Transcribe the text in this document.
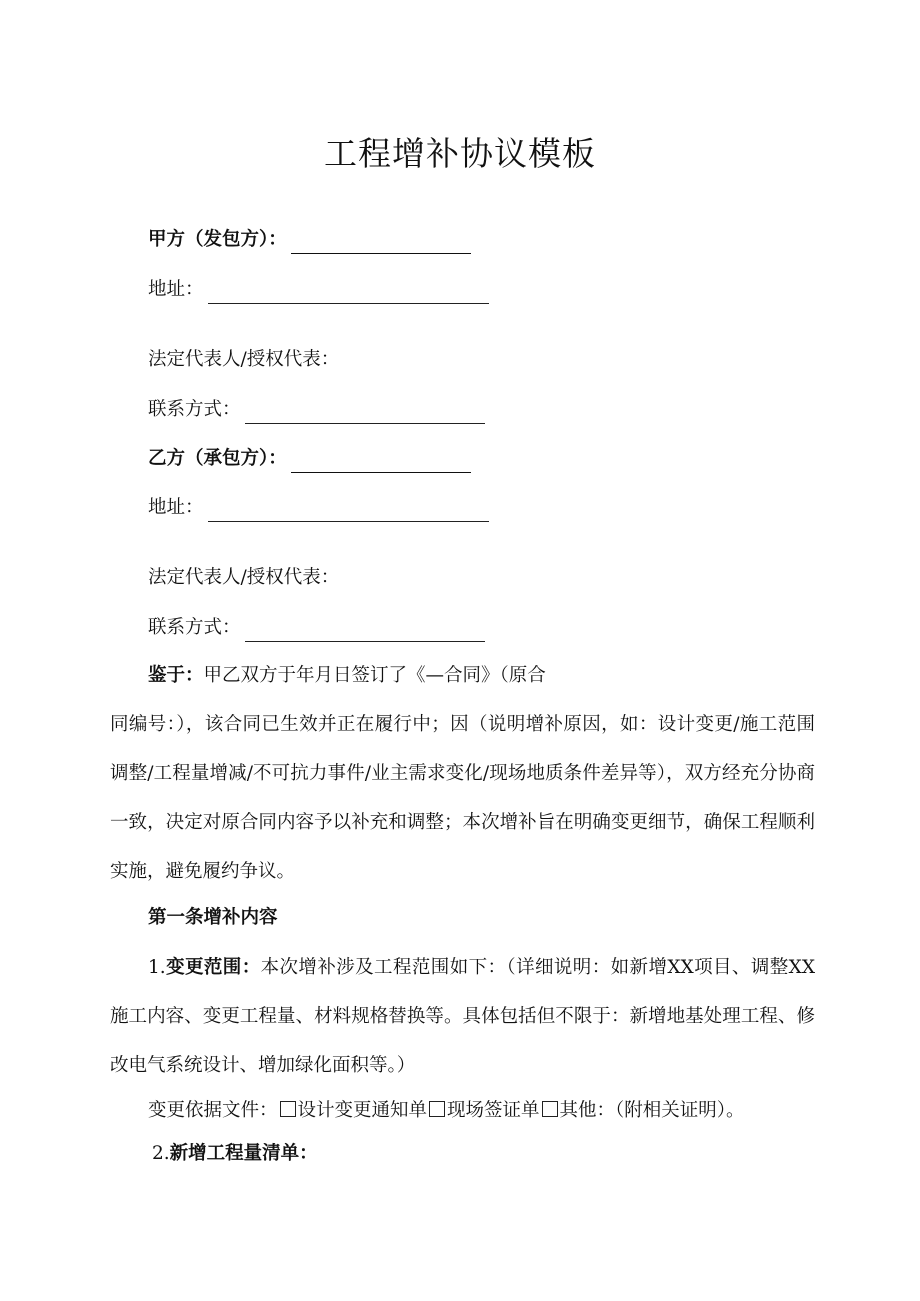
工程增补协议模板
甲方（发包方）：
地址：
法定代表人/授权代表：
联系方式：
乙方（承包方）：
地址：
法定代表人/授权代表：
联系方式：
鉴于：甲乙双方于年月日签订了《—合同》（原合
同编号：），该合同已生效并正在履行中；因（说明增补原因，如：设计变更/施工范围调整/工程量增减/不可抗力事件/业主需求变化/现场地质条件差异等），双方经充分协商一致，决定对原合同内容予以补充和调整；本次增补旨在明确变更细节，确保工程顺利实施，避免履约争议。
第一条增补内容
1.变更范围：本次增补涉及工程范围如下：（详细说明：如新增XX项目、调整XX施工内容、变更工程量、材料规格替换等。具体包括但不限于：新增地基处理工程、修改电气系统设计、增加绿化面积等。）
变更依据文件： 设计变更通知单 现场签证单 其他：（附相关证明）。
2.新增工程量清单：
